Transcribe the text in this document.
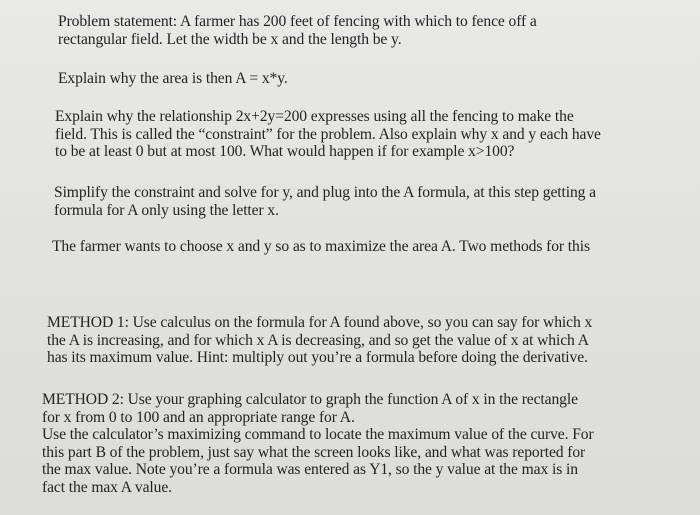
Problem statement: A farmer has 200 feet of fencing with which to fence off a
rectangular field. Let the width be x and the length be y.

Explain why the area is then A = x*y.

Explain why the relationship 2x+2y=200 expresses using all the fencing to make the
field. This is called the “constraint” for the problem. Also explain why x and y each have
to be at least 0 but at most 100. What would happen if for example x>100?

Simplify the constraint and solve for y, and plug into the A formula, at this step getting a
formula for A only using the letter x.

The farmer wants to choose x and y so as to maximize the area A. Two methods for this

METHOD 1: Use calculus on the formula for A found above, so you can say for which x
the A is increasing, and for which x A is decreasing, and so get the value of x at which A
has its maximum value. Hint: multiply out you’re a formula before doing the derivative.

METHOD 2: Use your graphing calculator to graph the function A of x in the rectangle
for x from 0 to 100 and an appropriate range for A.
Use the calculator’s maximizing command to locate the maximum value of the curve. For
this part B of the problem, just say what the screen looks like, and what was reported for
the max value. Note you’re a formula was entered as Y1, so the y value at the max is in
fact the max A value.
